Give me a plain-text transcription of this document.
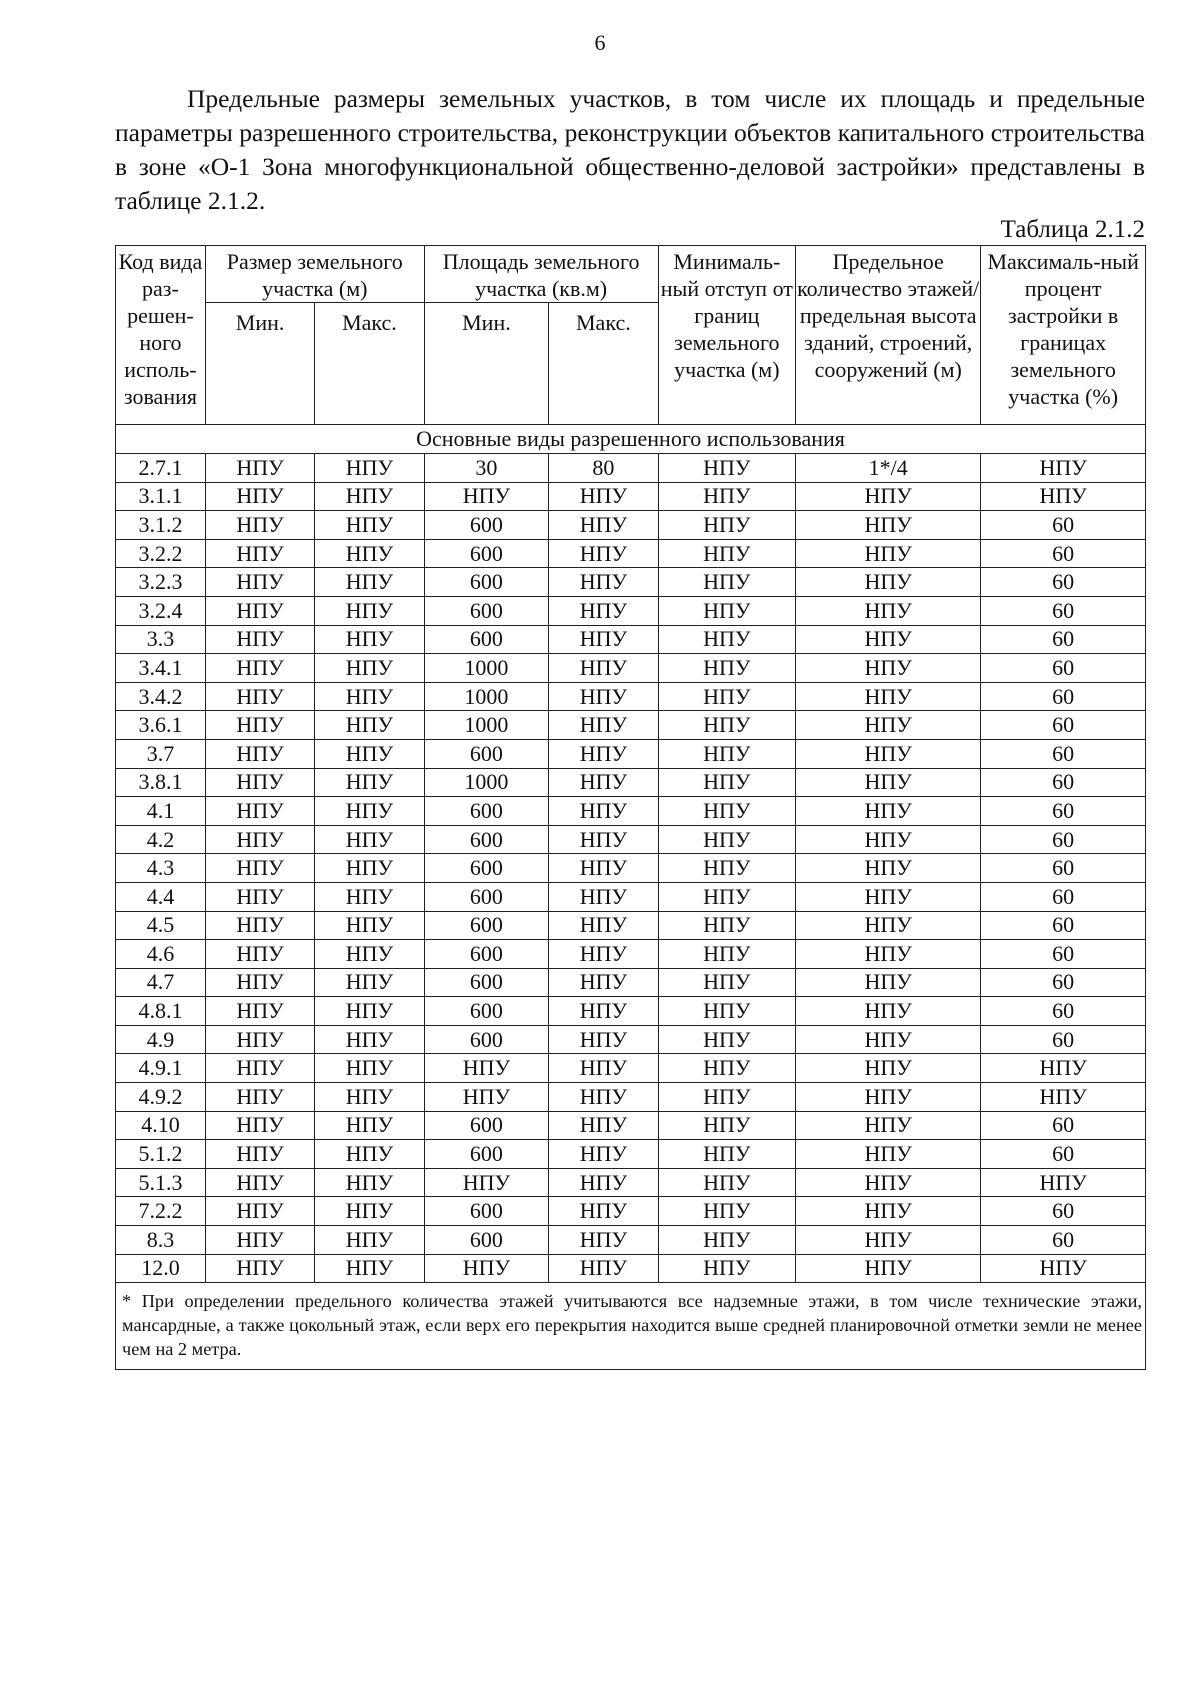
6

Предельные размеры земельных участков, в том числе их площадь и предельные параметры разрешенного строительства, реконструкции объектов капитального строительства в зоне «О-1 Зона многофункциональной общественно-деловой застройки» представлены в таблице 2.1.2.

Таблица 2.1.2
Код вида раз-решен-ного исполь-зования	Размер земельного участка (м)		Площадь земельного участка (кв.м)		Минималь-ный отступ от границ земельного участка (м)	Предельное количество этажей/ предельная высота зданий, строений, сооружений (м)	Максималь-ный процент застройки в границах земельного участка (%)
	Мин.	Макс.	Мин.	Макс.			
Основные виды разрешенного использования							
2.7.1	НПУ	НПУ	30	80	НПУ	1*/4	НПУ
3.1.1	НПУ	НПУ	НПУ	НПУ	НПУ	НПУ	НПУ
3.1.2	НПУ	НПУ	600	НПУ	НПУ	НПУ	60
3.2.2	НПУ	НПУ	600	НПУ	НПУ	НПУ	60
3.2.3	НПУ	НПУ	600	НПУ	НПУ	НПУ	60
3.2.4	НПУ	НПУ	600	НПУ	НПУ	НПУ	60
3.3	НПУ	НПУ	600	НПУ	НПУ	НПУ	60
3.4.1	НПУ	НПУ	1000	НПУ	НПУ	НПУ	60
3.4.2	НПУ	НПУ	1000	НПУ	НПУ	НПУ	60
3.6.1	НПУ	НПУ	1000	НПУ	НПУ	НПУ	60
3.7	НПУ	НПУ	600	НПУ	НПУ	НПУ	60
3.8.1	НПУ	НПУ	1000	НПУ	НПУ	НПУ	60
4.1	НПУ	НПУ	600	НПУ	НПУ	НПУ	60
4.2	НПУ	НПУ	600	НПУ	НПУ	НПУ	60
4.3	НПУ	НПУ	600	НПУ	НПУ	НПУ	60
4.4	НПУ	НПУ	600	НПУ	НПУ	НПУ	60
4.5	НПУ	НПУ	600	НПУ	НПУ	НПУ	60
4.6	НПУ	НПУ	600	НПУ	НПУ	НПУ	60
4.7	НПУ	НПУ	600	НПУ	НПУ	НПУ	60
4.8.1	НПУ	НПУ	600	НПУ	НПУ	НПУ	60
4.9	НПУ	НПУ	600	НПУ	НПУ	НПУ	60
4.9.1	НПУ	НПУ	НПУ	НПУ	НПУ	НПУ	НПУ
4.9.2	НПУ	НПУ	НПУ	НПУ	НПУ	НПУ	НПУ
4.10	НПУ	НПУ	600	НПУ	НПУ	НПУ	60
5.1.2	НПУ	НПУ	600	НПУ	НПУ	НПУ	60
5.1.3	НПУ	НПУ	НПУ	НПУ	НПУ	НПУ	НПУ
7.2.2	НПУ	НПУ	600	НПУ	НПУ	НПУ	60
8.3	НПУ	НПУ	600	НПУ	НПУ	НПУ	60
12.0	НПУ	НПУ	НПУ	НПУ	НПУ	НПУ	НПУ
* При определении предельного количества этажей учитываются все надземные этажи, в том числе технические этажи, мансардные, а также цокольный этаж, если верх его перекрытия находится выше средней планировочной отметки земли не менее чем на 2 метра.							
